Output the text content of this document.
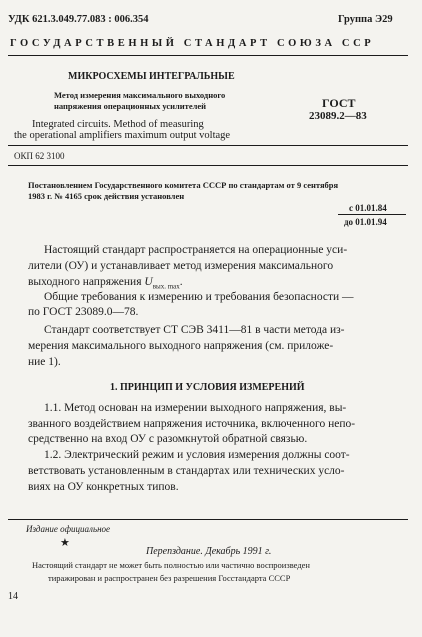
УДК 621.3.049.77.083 : 006.354	Группа Э29
ГОСУДАРСТВЕННЫЙ СТАНДАРТ СОЮЗА ССР
МИКРОСХЕМЫ ИНТЕГРАЛЬНЫЕ
Метод измерения максимального выходного
напряжения операционных усилителей
Integrated circuits. Method of measuring
the operational amplifiers maximum output voltage
ГОСТ
23089.2—83
ОКП 62 3100
Постановлением Государственного комитета СССР по стандартам от 9 сентября
1983 г. № 4165 срок действия установлен
с 01.01.84
до 01.01.94
Настоящий стандарт распространяется на операционные уси-
лители (ОУ) и устанавливает метод измерения максимального
выходного напряжения $U_{вых. max}$.
Общие требования к измерению и требования безопасности —
по ГОСТ 23089.0—78.
Стандарт соответствует СТ СЭВ 3411—81 в части метода из-
мерения максимального выходного напряжения (см. приложе-
ние 1).
1. ПРИНЦИП И УСЛОВИЯ ИЗМЕРЕНИЙ
1.1. Метод основан на измерении выходного напряжения, вы-
званного воздействием напряжения источника, включенного непо-
средственно на вход ОУ с разомкнутой обратной связью.
1.2. Электрический режим и условия измерения должны соот-
ветствовать установленным в стандартах или технических усло-
виях на ОУ конкретных типов.
Издание официальное
★
Перепздание. Декабрь 1991 г.
Настоящий стандарт не может быть полностью или частично воспроизведен
тиражирован и распространен без разрешения Госстандарта СССР
14
